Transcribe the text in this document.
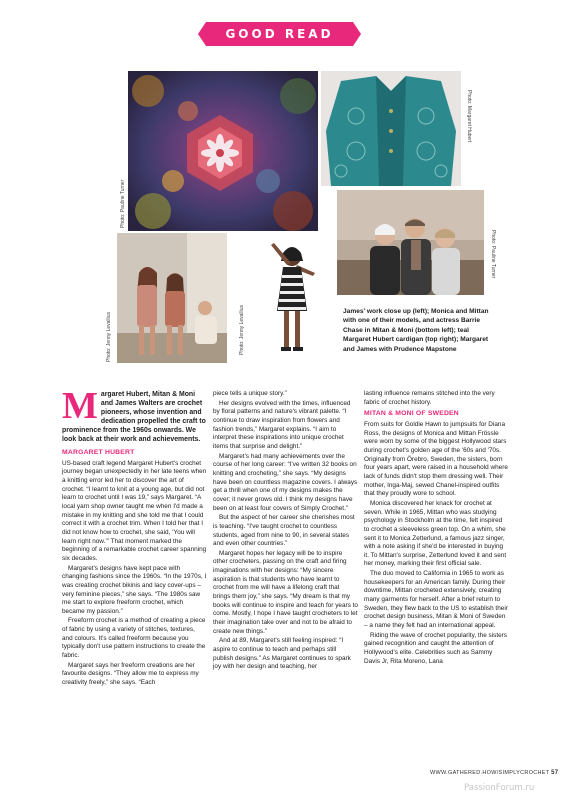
GOOD READ
Photo: Pauline Turner
Photo: Margaret Hubert
Photo: Pauline Turner
Photo: Jenny Levallius	Photo: Jenny Levallius	James' work close up (left); Monica and Mittan with one of their models, and actress Barrie Chase in Mitan & Moni (bottom left); teal Margaret Hubert cardigan (top right); Margaret and James with Prudence Mapstone
Margaret Hubert, Mitan & Moni and James Walters are crochet pioneers, whose invention and dedication propelled the craft to prominence from the 1960s onwards. We look back at their work and achievements.
MARGARET HUBERT

US-based craft legend Margaret Hubert's crochet journey began unexpectedly in her late teens when a knitting error led her to discover the art of crochet. “I learnt to knit at a young age, but did not learn to crochet until I was 19,” says Margaret. “A local yarn shop owner taught me when I'd made a mistake in my knitting and she told me that I could correct it with a crochet trim. When I told her that I did not know how to crochet, she said, ‘You will learn right now.’” That moment marked the beginning of a remarkable crochet career spanning six decades.

Margaret's designs have kept pace with changing fashions since the 1960s. “In the 1970s, I was creating crochet bikinis and lacy cover-ups – very feminine pieces,” she says. “The 1980s saw me start to explore freeform crochet, which became my passion.”

Freeform crochet is a method of creating a piece of fabric by using a variety of stitches, textures, and colours. It's called freeform because you typically don't use pattern instructions to create the fabric.

Margaret says her freeform creations are her favourite designs. “They allow me to express my creativity freely,” she says. “Each

piece tells a unique story.”

Her designs evolved with the times, influenced by floral patterns and nature's vibrant palette. “I continue to draw inspiration from flowers and fashion trends,” Margaret explains. “I aim to interpret these inspirations into unique crochet items that surprise and delight.”

Margaret's had many achievements over the course of her long career: “I've written 32 books on knitting and crocheting,” she says. “My designs have been on countless magazine covers. I always get a thrill when one of my designs makes the cover; it never grows old. I think my designs have been on at least four covers of Simply Crochet.”

But the aspect of her career she cherishes most is teaching. “I've taught crochet to countless students, aged from nine to 90, in several states and even other countries.”

Margaret hopes her legacy will be to inspire other crocheters, passing on the craft and firing imaginations with her designs: “My sincere aspiration is that students who have learnt to crochet from me will have a lifelong craft that brings them joy,” she says. “My dream is that my books will continue to inspire and teach for years to come. Mostly, I hope I have taught crocheters to let their imagination take over and not to be afraid to create new things.”

And at 89, Margaret's still feeling inspired: “I aspire to continue to teach and perhaps still publish designs.” As Margaret continues to spark joy with her design and teaching, her

lasting influence remains stitched into the very fabric of crochet history.

MITAN & MONI OF SWEDEN

From suits for Goldie Hawn to jumpsuits for Diana Ross, the designs of Monica and Mittan Frössle were worn by some of the biggest Hollywood stars during crochet's golden age of the '60s and '70s. Originally from Örebro, Sweden, the sisters, born four years apart, were raised in a household where lack of funds didn't stop them dressing well. Their mother, Inga-Maj, sewed Chanel-inspired outfits that they proudly wore to school.

Monica discovered her knack for crochet at seven. While in 1965, Mittan who was studying psychology in Stockholm at the time, felt inspired to crochet a sleeveless green top. On a whim, she sent it to Monica Zetterlund, a famous jazz singer, with a note asking if she'd be interested in buying it. To Mittan's surprise, Zetterlund loved it and sent her money, marking their first official sale.

The duo moved to California in 1965 to work as housekeepers for an American family. During their downtime, Mittan crocheted extensively, creating many garments for herself. After a brief return to Sweden, they flew back to the US to establish their crochet design business, Mitan & Moni of Sweden – a name they felt had an international appeal.

Riding the wave of crochet popularity, the sisters gained recognition and caught the attention of Hollywood's elite. Celebrities such as Sammy Davis Jr, Rita Moreno, Lana

WWW.GATHERED.HOW/SIMPLYCROCHET 57
PassionForum.ru
